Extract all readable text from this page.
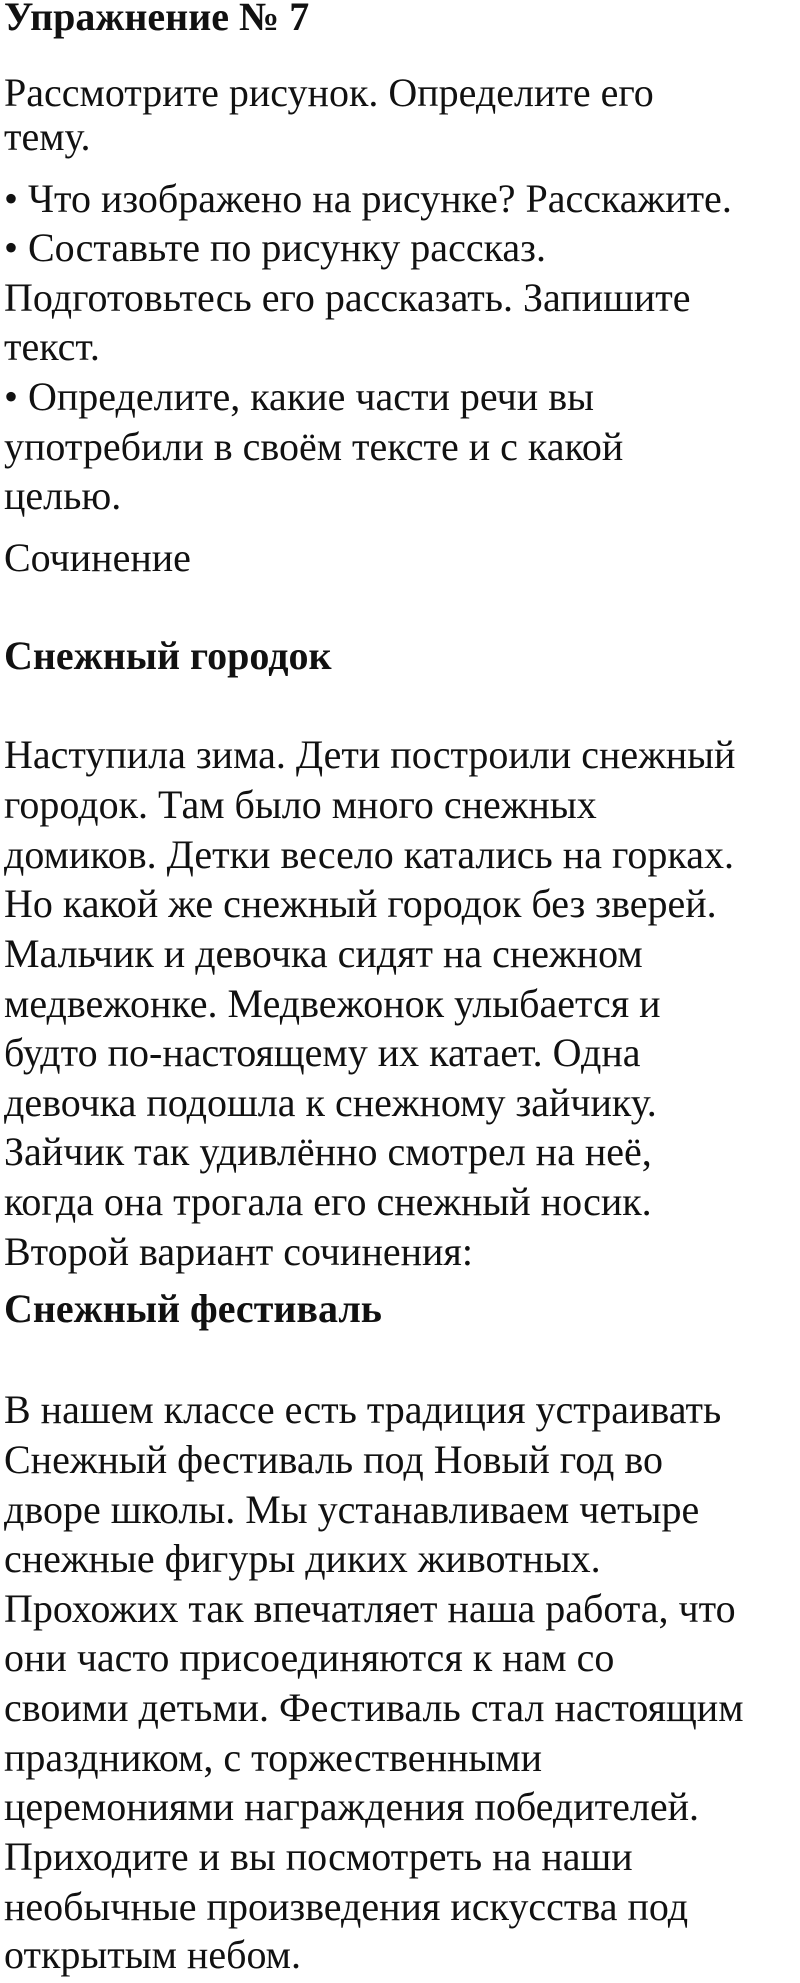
Упражнение № 7
Рассмотрите рисунок. Определите его
тему.
• Что изображено на рисунке? Расскажите.
• Составьте по рисунку рассказ.
Подготовьтесь его рассказать. Запишите
текст.
• Определите, какие части речи вы
употребили в своём тексте и с какой
целью.
Сочинение
Снежный городок
Наступила зима. Дети построили снежный
городок. Там было много снежных
домиков. Детки весело катались на горках.
Но какой же снежный городок без зверей.
Мальчик и девочка сидят на снежном
медвежонке. Медвежонок улыбается и
будто по-настоящему их катает. Одна
девочка подошла к снежному зайчику.
Зайчик так удивлённо смотрел на неё,
когда она трогала его снежный носик.
Второй вариант сочинения:
Снежный фестиваль
В нашем классе есть традиция устраивать
Снежный фестиваль под Новый год во
дворе школы. Мы устанавливаем четыре
снежные фигуры диких животных.
Прохожих так впечатляет наша работа, что
они часто присоединяются к нам со
своими детьми. Фестиваль стал настоящим
праздником, с торжественными
церемониями награждения победителей.
Приходите и вы посмотреть на наши
необычные произведения искусства под
открытым небом.
